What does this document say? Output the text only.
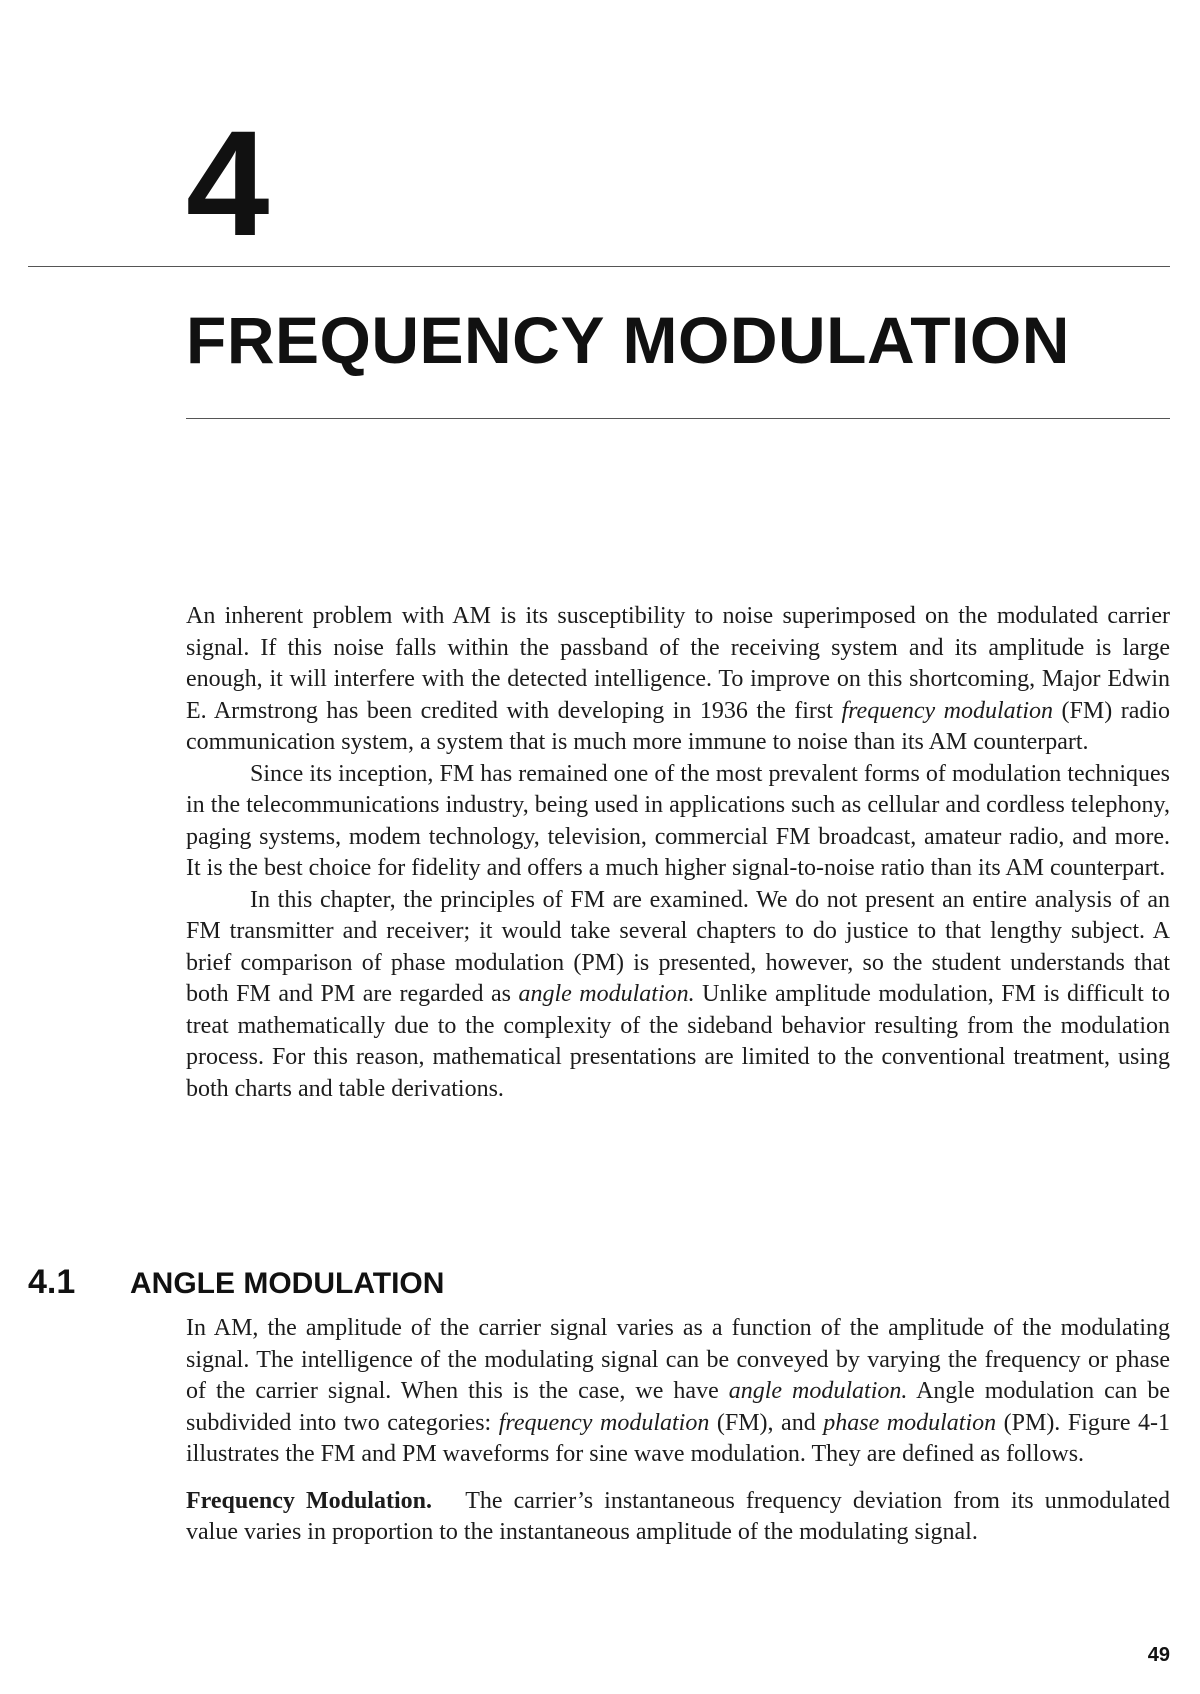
4
FREQUENCY MODULATION

An inherent problem with AM is its susceptibility to noise superimposed on the modulated carrier signal. If this noise falls within the passband of the receiving system and its amplitude is large enough, it will interfere with the detected intelligence. To improve on this shortcoming, Major Edwin E. Armstrong has been credited with developing in 1936 the first frequency modulation (FM) radio communication system, a system that is much more immune to noise than its AM counterpart.

Since its inception, FM has remained one of the most prevalent forms of modulation techniques in the telecommunications industry, being used in applications such as cellular and cordless telephony, paging systems, modem technology, television, commercial FM broadcast, amateur radio, and more. It is the best choice for fidelity and offers a much higher signal-to-noise ratio than its AM counterpart.

In this chapter, the principles of FM are examined. We do not present an entire analysis of an FM transmitter and receiver; it would take several chapters to do justice to that lengthy subject. A brief comparison of phase modulation (PM) is presented, however, so the student understands that both FM and PM are regarded as angle modulation. Unlike amplitude modulation, FM is difficult to treat mathematically due to the complexity of the sideband behavior resulting from the modulation process. For this reason, mathematical presentations are limited to the conventional treatment, using both charts and table derivations.

4.1 ANGLE MODULATION

In AM, the amplitude of the carrier signal varies as a function of the amplitude of the modulating signal. The intelligence of the modulating signal can be conveyed by varying the frequency or phase of the carrier signal. When this is the case, we have angle modulation. Angle modulation can be subdivided into two categories: frequency modulation (FM), and phase modulation (PM). Figure 4-1 illustrates the FM and PM waveforms for sine wave modulation. They are defined as follows.

Frequency Modulation. The carrier’s instantaneous frequency deviation from its unmodulated value varies in proportion to the instantaneous amplitude of the modulating signal.

49
